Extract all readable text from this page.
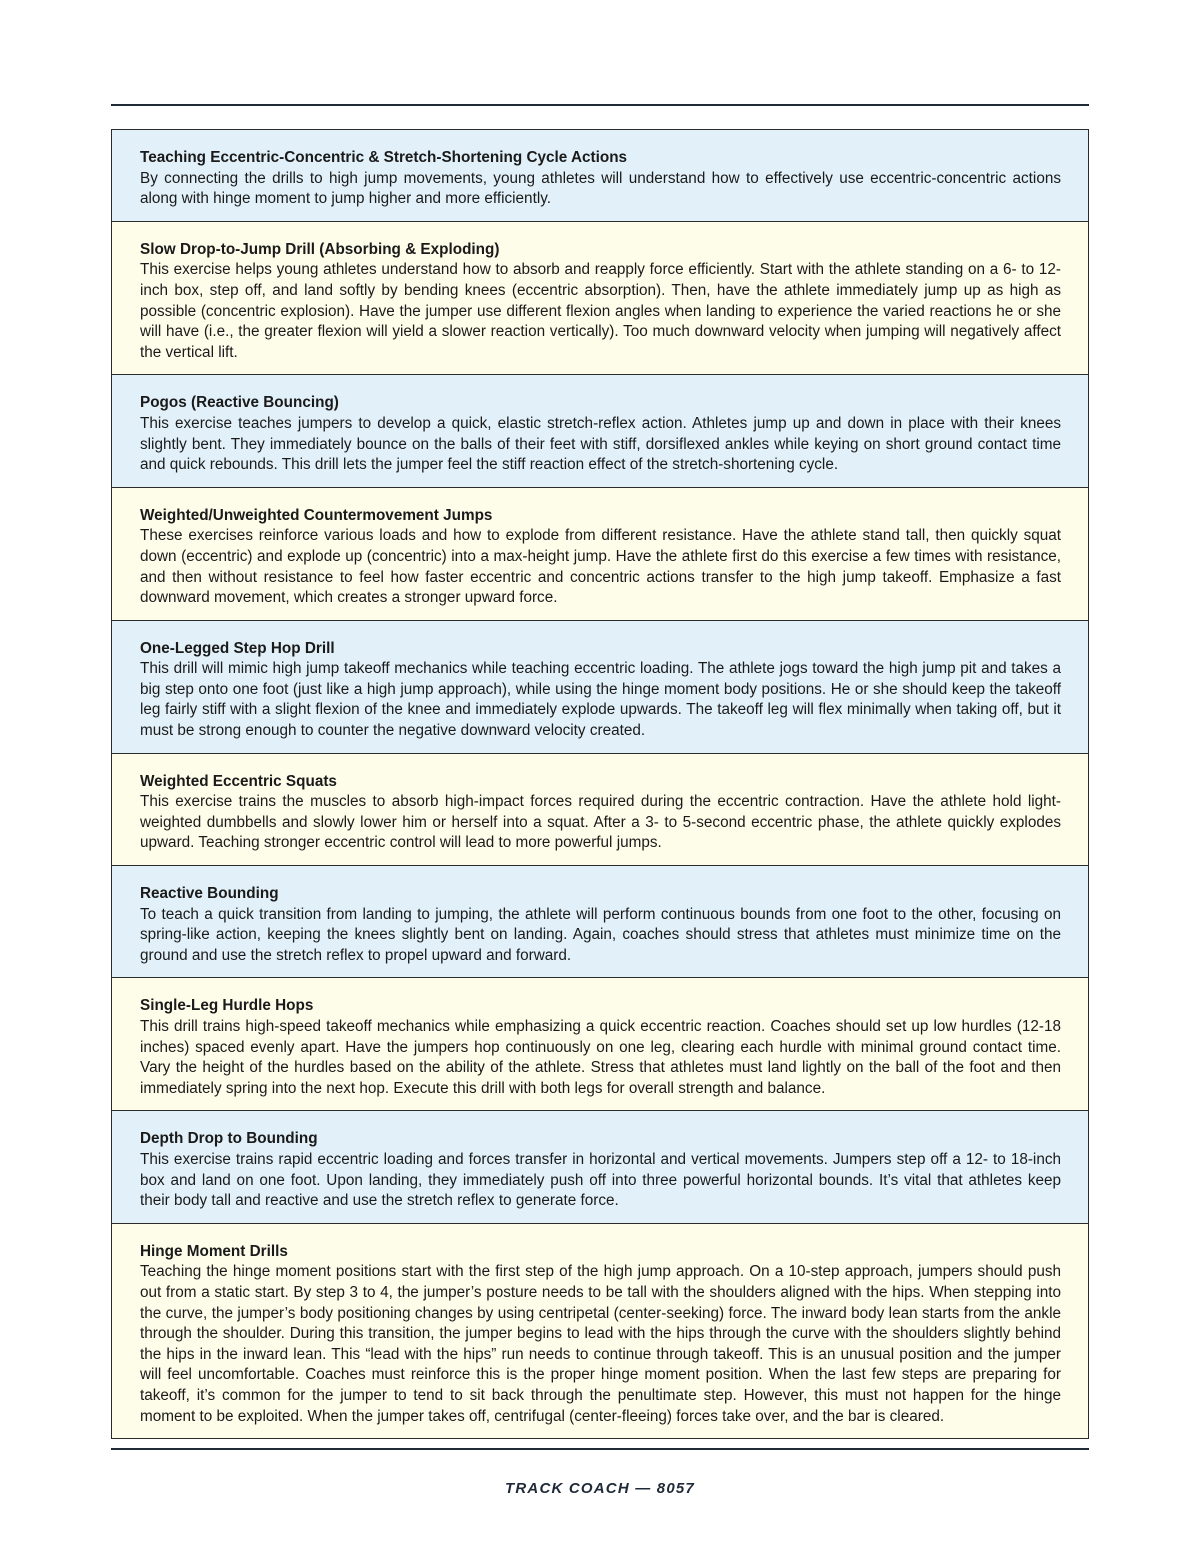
Teaching Eccentric-Concentric & Stretch-Shortening Cycle Actions
By connecting the drills to high jump movements, young athletes will understand how to effectively use eccentric-concentric actions along with hinge moment to jump higher and more efficiently.
Slow Drop-to-Jump Drill (Absorbing & Exploding)
This exercise helps young athletes understand how to absorb and reapply force efficiently. Start with the athlete standing on a 6- to 12-inch box, step off, and land softly by bending knees (eccentric absorption). Then, have the athlete immediately jump up as high as possible (concentric explosion). Have the jumper use different flexion angles when landing to experience the varied reactions he or she will have (i.e., the greater flexion will yield a slower reaction vertically). Too much downward velocity when jumping will negatively affect the vertical lift.
Pogos (Reactive Bouncing)
This exercise teaches jumpers to develop a quick, elastic stretch-reflex action. Athletes jump up and down in place with their knees slightly bent. They immediately bounce on the balls of their feet with stiff, dorsiflexed ankles while keying on short ground contact time and quick rebounds. This drill lets the jumper feel the stiff reaction effect of the stretch-shortening cycle.
Weighted/Unweighted Countermovement Jumps
These exercises reinforce various loads and how to explode from different resistance. Have the athlete stand tall, then quickly squat down (eccentric) and explode up (concentric) into a max-height jump. Have the athlete first do this exercise a few times with resistance, and then without resistance to feel how faster eccentric and concentric actions transfer to the high jump takeoff. Emphasize a fast downward movement, which creates a stronger upward force.
One-Legged Step Hop Drill
This drill will mimic high jump takeoff mechanics while teaching eccentric loading. The athlete jogs toward the high jump pit and takes a big step onto one foot (just like a high jump approach), while using the hinge moment body positions. He or she should keep the takeoff leg fairly stiff with a slight flexion of the knee and immediately explode upwards. The takeoff leg will flex minimally when taking off, but it must be strong enough to counter the negative downward velocity created.
Weighted Eccentric Squats
This exercise trains the muscles to absorb high-impact forces required during the eccentric contraction. Have the athlete hold light-weighted dumbbells and slowly lower him or herself into a squat. After a 3- to 5-second eccentric phase, the athlete quickly explodes upward. Teaching stronger eccentric control will lead to more powerful jumps.
Reactive Bounding
To teach a quick transition from landing to jumping, the athlete will perform continuous bounds from one foot to the other, focusing on spring-like action, keeping the knees slightly bent on landing. Again, coaches should stress that athletes must minimize time on the ground and use the stretch reflex to propel upward and forward.
Single-Leg Hurdle Hops
This drill trains high-speed takeoff mechanics while emphasizing a quick eccentric reaction. Coaches should set up low hurdles (12-18 inches) spaced evenly apart. Have the jumpers hop continuously on one leg, clearing each hurdle with minimal ground contact time. Vary the height of the hurdles based on the ability of the athlete. Stress that athletes must land lightly on the ball of the foot and then immediately spring into the next hop. Execute this drill with both legs for overall strength and balance.
Depth Drop to Bounding
This exercise trains rapid eccentric loading and forces transfer in horizontal and vertical movements. Jumpers step off a 12- to 18-inch box and land on one foot. Upon landing, they immediately push off into three powerful horizontal bounds. It’s vital that athletes keep their body tall and reactive and use the stretch reflex to generate force.
Hinge Moment Drills
Teaching the hinge moment positions start with the first step of the high jump approach. On a 10-step approach, jumpers should push out from a static start. By step 3 to 4, the jumper’s posture needs to be tall with the shoulders aligned with the hips. When stepping into the curve, the jumper’s body positioning changes by using centripetal (center-seeking) force. The inward body lean starts from the ankle through the shoulder. During this transition, the jumper begins to lead with the hips through the curve with the shoulders slightly behind the hips in the inward lean. This “lead with the hips” run needs to continue through takeoff. This is an unusual position and the jumper will feel uncomfortable. Coaches must reinforce this is the proper hinge moment position. When the last few steps are preparing for takeoff, it’s common for the jumper to tend to sit back through the penultimate step. However, this must not happen for the hinge moment to be exploited. When the jumper takes off, centrifugal (center-fleeing) forces take over, and the bar is cleared.
TRACK COACH — 8057
